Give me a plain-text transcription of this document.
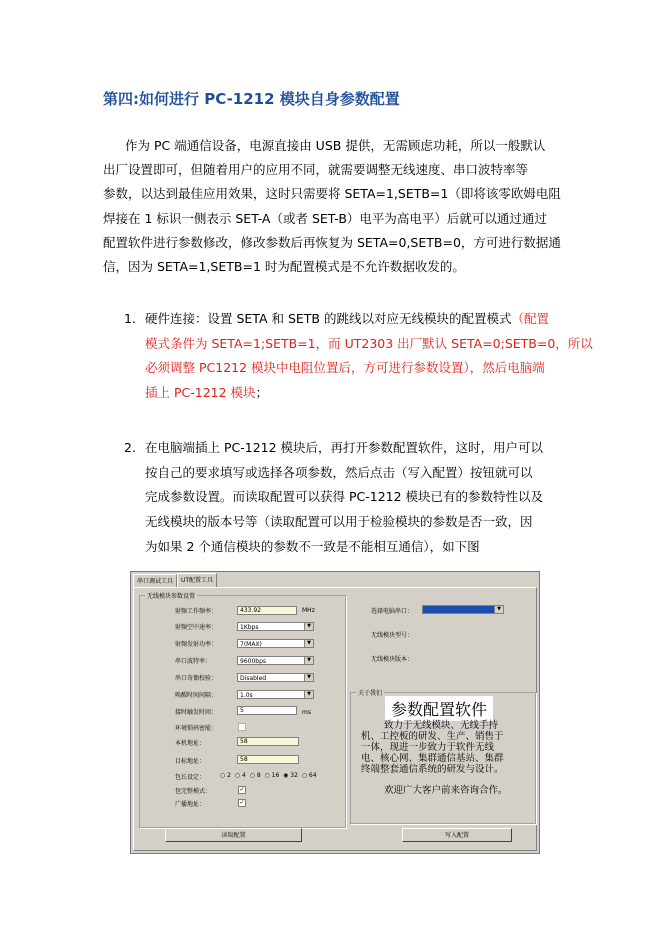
第四:如何进行 PC-1212 模块自身参数配置
作为 PC 端通信设备，电源直接由 USB 提供，无需顾虑功耗，所以一般默认
出厂设置即可，但随着用户的应用不同，就需要调整无线速度、串口波特率等
参数，以达到最佳应用效果，这时只需要将 SETA=1,SETB=1（即将该零欧姆电阻
焊接在 1 标识一侧表示 SET-A（或者 SET-B）电平为高电平）后就可以通过通过
配置软件进行参数修改，修改参数后再恢复为 SETA=0,SETB=0，方可进行数据通
信，因为 SETA=1,SETB=1 时为配置模式是不允许数据收发的。
1. 硬件连接：设置 SETA 和 SETB 的跳线以对应无线模块的配置模式（配置
模式条件为 SETA=1;SETB=1，而 UT2303 出厂默认 SETA=0;SETB=0，所以
必须调整 PC1212 模块中电阻位置后，方可进行参数设置），然后电脑端
插上 PC-1212 模块；
2. 在电脑端插上 PC-1212 模块后，再打开参数配置软件，这时，用户可以
按自己的要求填写或选择各项参数，然后点击（写入配置）按钮就可以
完成参数设置。而读取配置可以获得 PC-1212 模块已有的参数特性以及
无线模块的版本号等（读取配置可以用于检验模块的参数是否一致，因
为如果 2 个通信模块的参数不一致是不能相互通信），如下图
串口调试工具	UT配置工具
无线模块参数设置
射频工作频率：	433.92	MHz
射频空中速率：	1Kbps	▼
射频发射功率：	7(MAX)	▼
串口波特率：	9600bps	▼
串口奇偶校验：	Disabled	▼
唤醒时间间隔：	1.0s	▼
接时触发时间：	5	ms
环境锁码密能：
本机地址：	58
目标地址：	58
包长设定： ○ 2 ○ 4 ○ 8 ○ 16 ◉ 32 ○ 64
包完整模式：	✓
广播地址：	✓
选择电脑串口：	▼
无线模块型号：
无线模块版本：
关于我们
参数配置软件
致力于无线模块、无线手持
机、工控板的研发、生产、销售于
一体，现进一步致力于软件无线
电、核心网、集群通信基站、集群
终端整套通信系统的研发与设计。
欢迎广大客户前来咨询合作。
读取配置	写入配置
